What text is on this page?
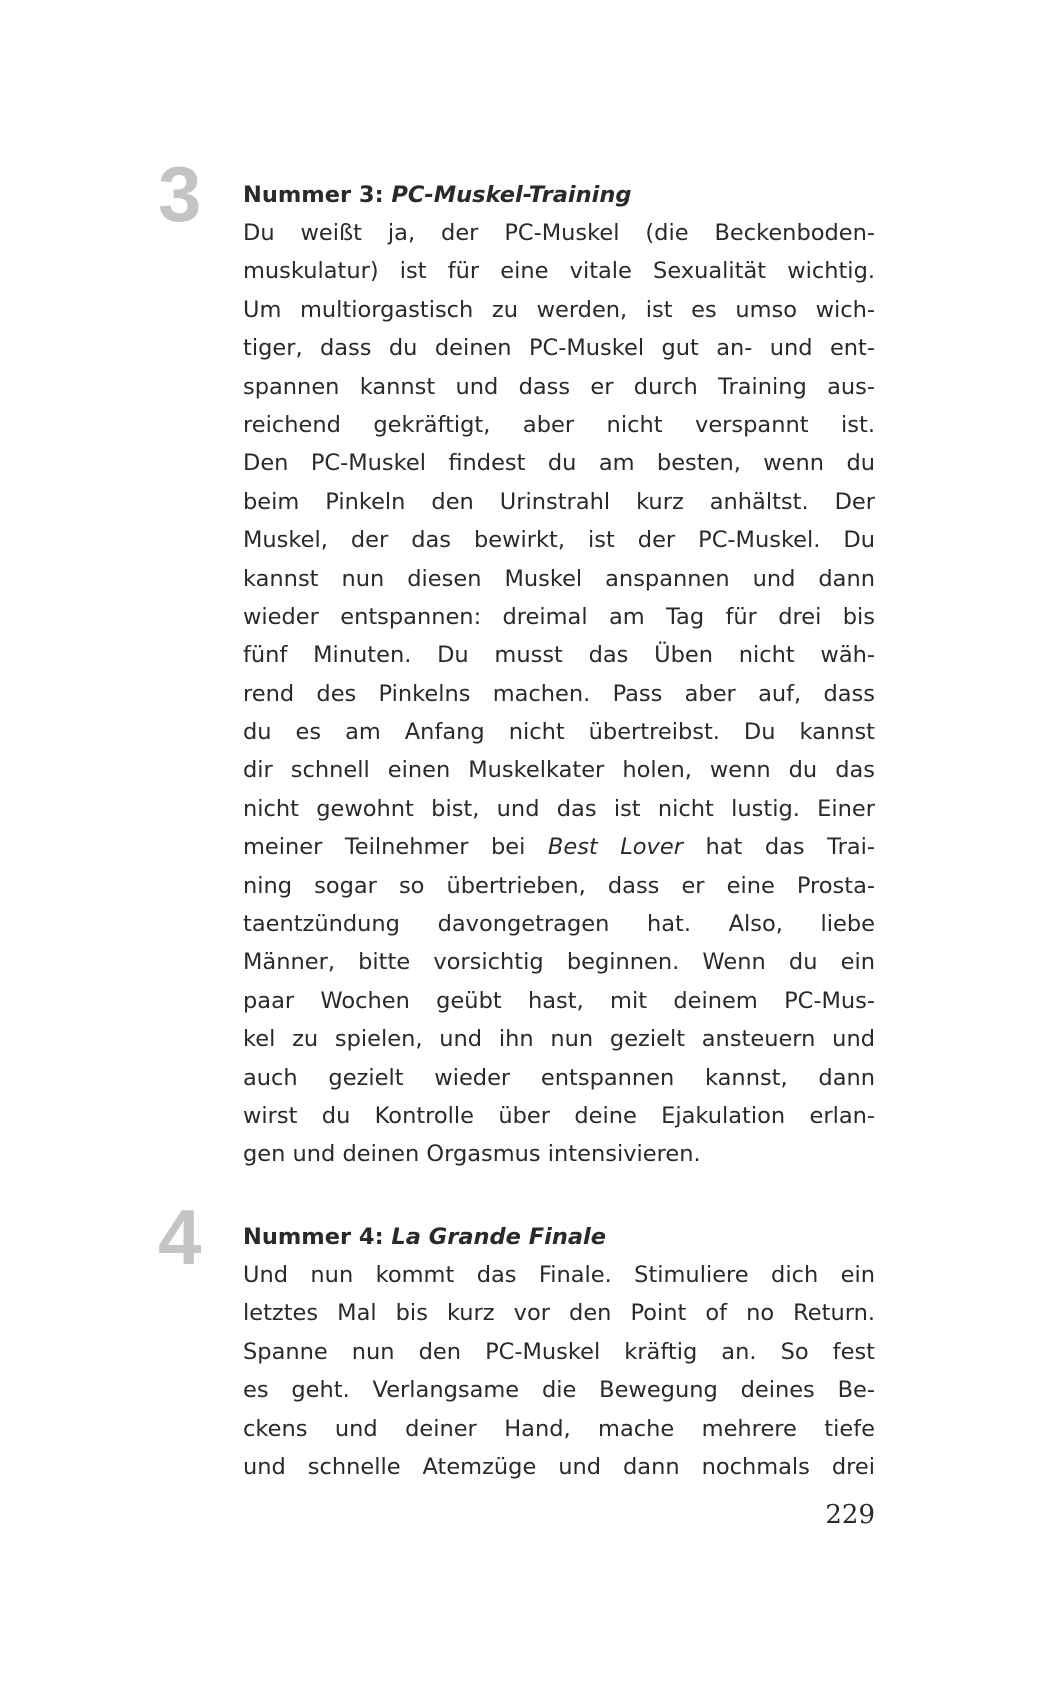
3 Nummer 3: PC-Muskel-Training
Du weißt ja, der PC-Muskel (die Beckenboden-
muskulatur) ist für eine vitale Sexualität wichtig.
Um multiorgastisch zu werden, ist es umso wich-
tiger, dass du deinen PC-Muskel gut an- und ent-
spannen kannst und dass er durch Training aus-
reichend gekräftigt, aber nicht verspannt ist.
Den PC-Muskel findest du am besten, wenn du
beim Pinkeln den Urinstrahl kurz anhältst. Der
Muskel, der das bewirkt, ist der PC-Muskel. Du
kannst nun diesen Muskel anspannen und dann
wieder entspannen: dreimal am Tag für drei bis
fünf Minuten. Du musst das Üben nicht wäh-
rend des Pinkelns machen. Pass aber auf, dass
du es am Anfang nicht übertreibst. Du kannst
dir schnell einen Muskelkater holen, wenn du das
nicht gewohnt bist, und das ist nicht lustig. Einer
meiner Teilnehmer bei Best Lover hat das Trai-
ning sogar so übertrieben, dass er eine Prosta-
taentzündung davongetragen hat. Also, liebe
Männer, bitte vorsichtig beginnen. Wenn du ein
paar Wochen geübt hast, mit deinem PC-Mus-
kel zu spielen, und ihn nun gezielt ansteuern und
auch gezielt wieder entspannen kannst, dann
wirst du Kontrolle über deine Ejakulation erlan-
gen und deinen Orgasmus intensivieren.
4 Nummer 4: La Grande Finale
Und nun kommt das Finale. Stimuliere dich ein
letztes Mal bis kurz vor den Point of no Return.
Spanne nun den PC-Muskel kräftig an. So fest
es geht. Verlangsame die Bewegung deines Be-
ckens und deiner Hand, mache mehrere tiefe
und schnelle Atemzüge und dann nochmals drei
229
